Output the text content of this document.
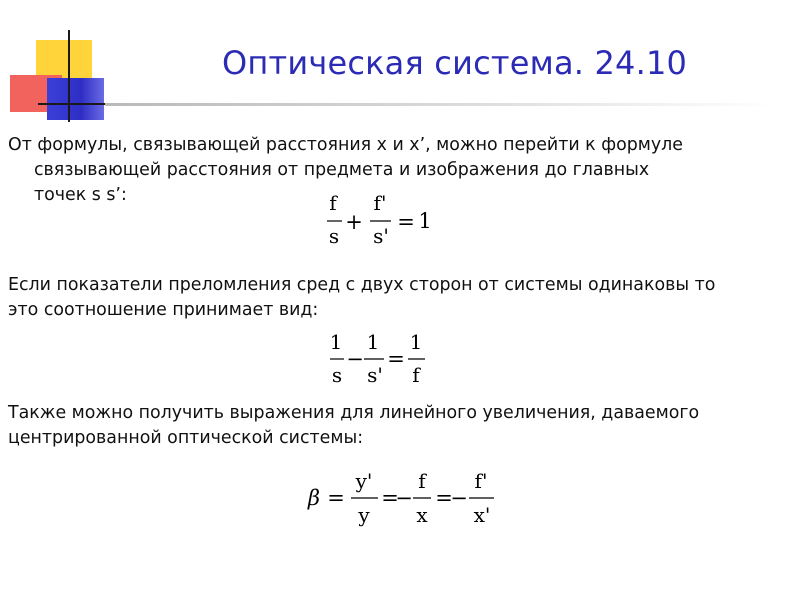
Оптическая система. 24.10
От формулы, связывающей расстояния x и x’, можно перейти к формуле
связывающей расстояния от предмета и изображения до главных
точек s s’:	f
s
+
f'
s'
= 1
Если показатели преломления сред с двух сторон от системы одинаковы то
это соотношение принимает вид:
1
s
−
1
s'
=
1
f
Также можно получить выражения для линейного увеличения, даваемого
центрированной оптической системы:
β =
y'
y
=
−
f
x
=
−
f'
x'
